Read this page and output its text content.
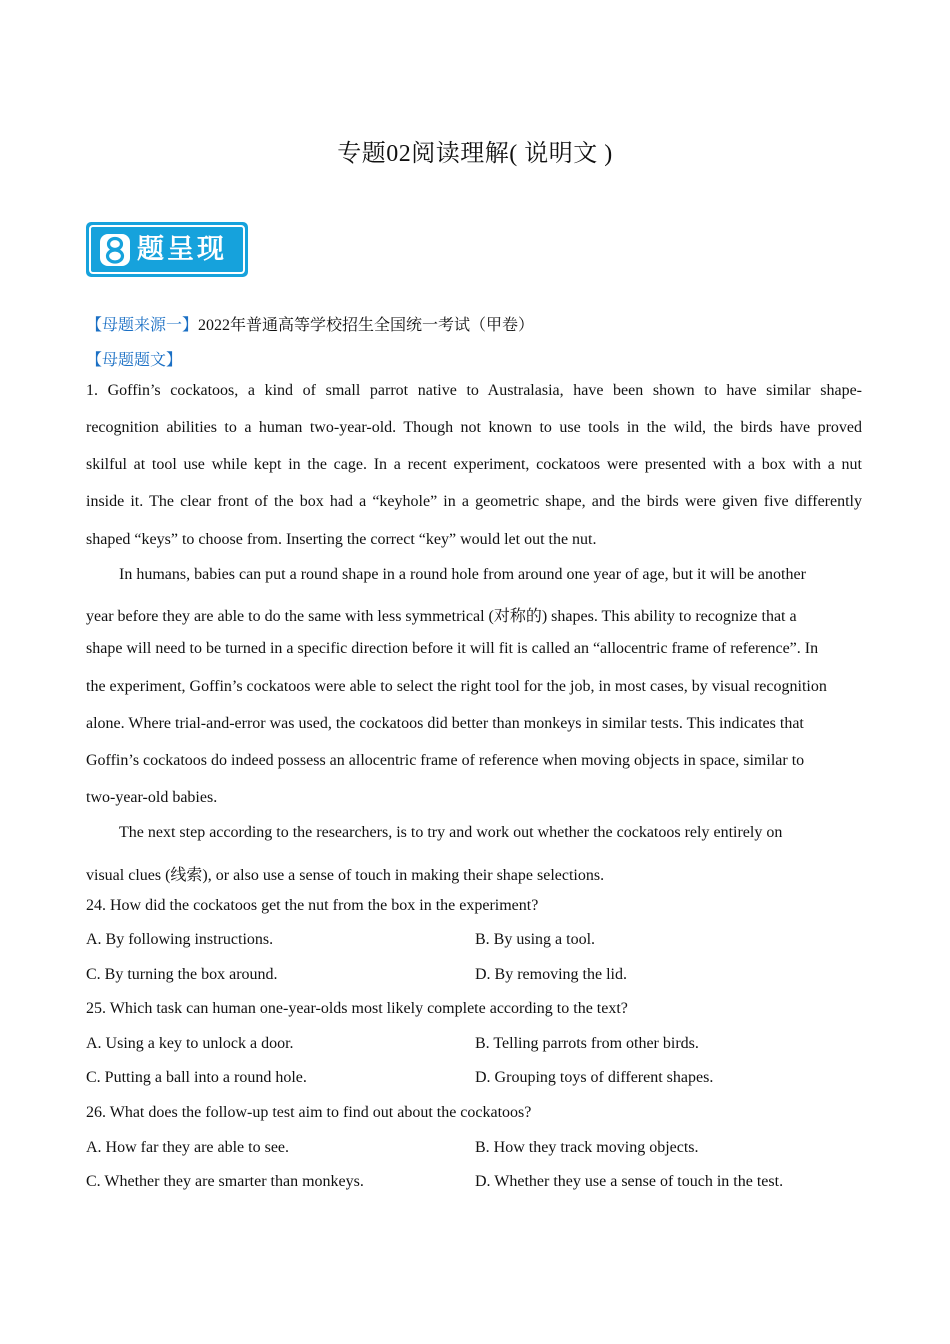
专题02阅读理解( 说明文 )
题呈现
【母题来源一】2022年普通高等学校招生全国统一考试（甲卷）
【母题题文】
1. Goffin’s cockatoos, a kind of small parrot native to Australasia, have been shown to have similar shape-
recognition abilities to a human two-year-old. Though not known to use tools in the wild, the birds have proved
skilful at tool use while kept in the cage. In a recent experiment, cockatoos were presented with a box with a nut
inside it. The clear front of the box had a “keyhole” in a geometric shape, and the birds were given five differently
shaped “keys” to choose from. Inserting the correct “key” would let out the nut.
In humans, babies can put a round shape in a round hole from around one year of age, but it will be another
year before they are able to do the same with less symmetrical (对称的) shapes. This ability to recognize that a
shape will need to be turned in a specific direction before it will fit is called an “allocentric frame of reference”. In
the experiment, Goffin’s cockatoos were able to select the right tool for the job, in most cases, by visual recognition
alone. Where trial-and-error was used, the cockatoos did better than monkeys in similar tests. This indicates that
Goffin’s cockatoos do indeed possess an allocentric frame of reference when moving objects in space, similar to
two-year-old babies.
The next step according to the researchers, is to try and work out whether the cockatoos rely entirely on
visual clues (线索), or also use a sense of touch in making their shape selections.
24. How did the cockatoos get the nut from the box in the experiment?
A. By following instructions.	B. By using a tool.
C. By turning the box around.	D. By removing the lid.
25. Which task can human one-year-olds most likely complete according to the text?
A. Using a key to unlock a door.	B. Telling parrots from other birds.
C. Putting a ball into a round hole.	D. Grouping toys of different shapes.
26. What does the follow-up test aim to find out about the cockatoos?
A. How far they are able to see.	B. How they track moving objects.
C. Whether they are smarter than monkeys.	D. Whether they use a sense of touch in the test.
